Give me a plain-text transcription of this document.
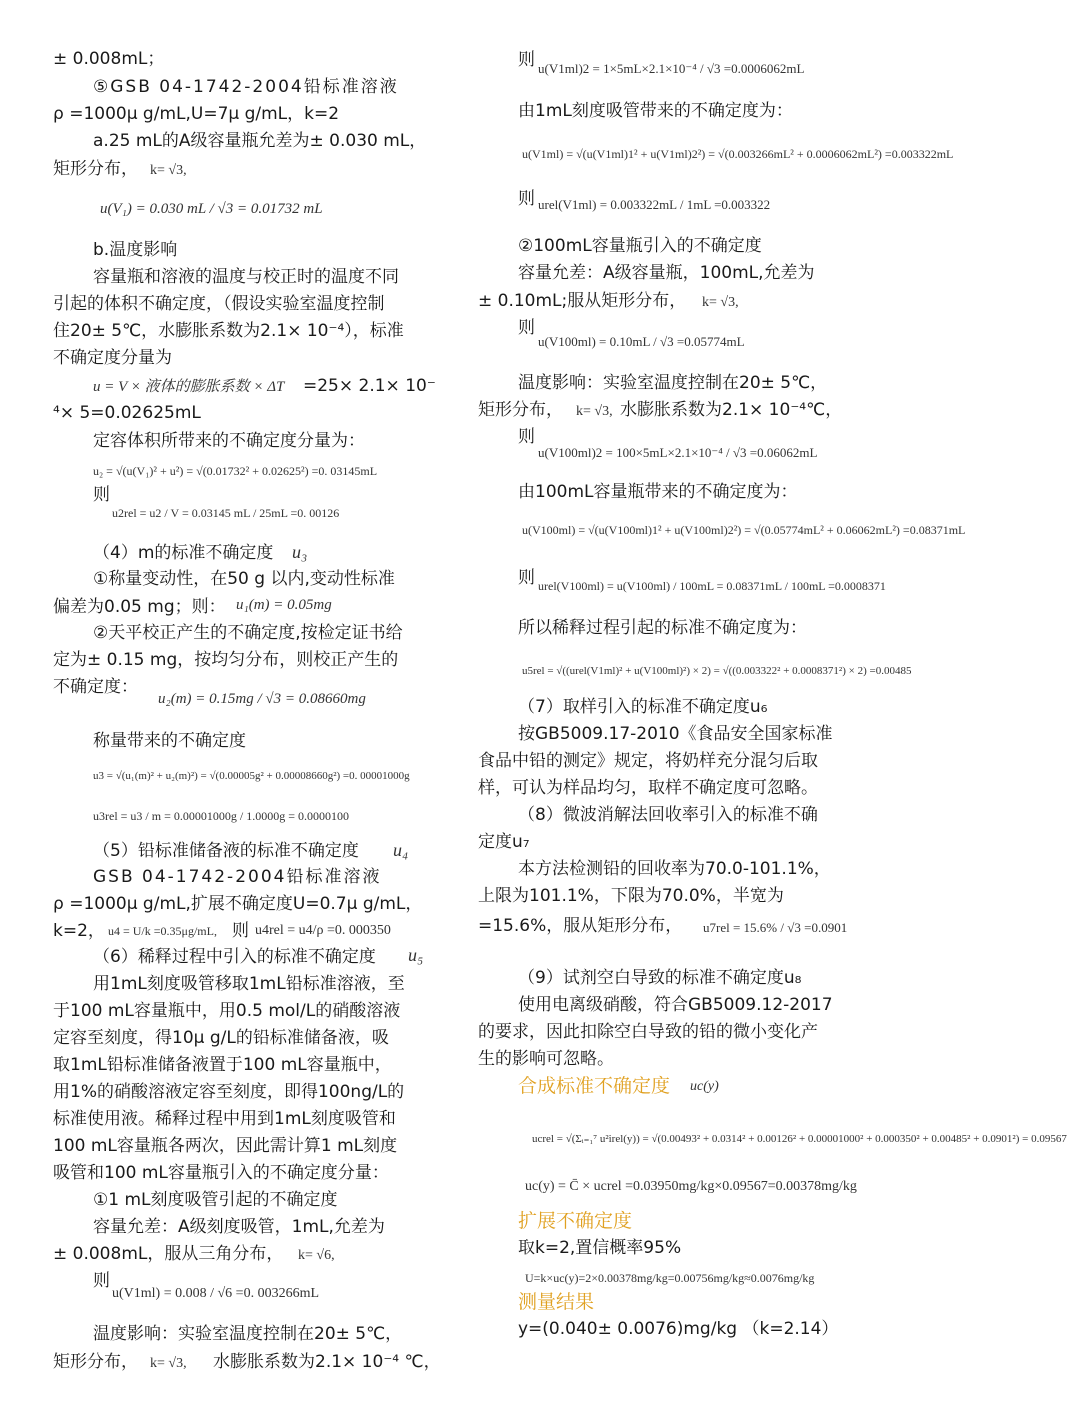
± 0.008mL；
⑤GSB 04-1742-2004铅标准溶液
ρ =1000μ g/mL,U=7μ g/mL，k=2
a.25 mL的A级容量瓶允差为± 0.030 mL，
矩形分布， k= √3,
u(V₁) = 0.030 mL / √3 = 0.01732 mL
b.温度影响
容量瓶和溶液的温度与校正时的温度不同
引起的体积不确定度，（假设实验室温度控制
住20± 5℃，水膨胀系数为2.1× 10⁻⁴），标准
不确定度分量为
u = V × 液体的膨胀系数 × ΔT =25× 2.1× 10⁻
⁴× 5=0.02625mL
定容体积所带来的不确定度分量为：
u₂ = √(u(V₁)² + u²) = √(0.01732² + 0.02625²) =0. 03145mL
则
u2rel = u2 / V = 0.03145 mL / 25mL =0. 00126
（4）m的标准不确定度 u₃
①称量变动性，在50 g 以内,变动性标准
偏差为0.05 mg；则： u₁(m) = 0.05mg
②天平校正产生的不确定度,按检定证书给
定为± 0.15 mg，按均匀分布，则校正产生的
不确定度：
u₂(m) = 0.15mg / √3 = 0.08660mg
称量带来的不确定度
u3 = √(u₁(m)² + u₂(m)²) = √(0.00005g² + 0.00008660g²) =0. 00001000g
u3rel = u3 / m = 0.00001000g / 1.0000g = 0.0000100
（5）铅标准储备液的标准不确定度 u₄
GSB 04-1742-2004铅标准溶液
ρ =1000μ g/mL,扩展不确定度U=0.7μ g/mL，
k=2， u4 = U/k =0.35μg/mL, 则 u4rel = u4/ρ =0. 000350
（6）稀释过程中引入的标准不确定度 u₅
用1mL刻度吸管移取1mL铅标准溶液，至
于100 mL容量瓶中，用0.5 mol/L的硝酸溶液
定容至刻度，得10μ g/L的铅标准储备液，吸
取1mL铅标准储备液置于100 mL容量瓶中，
用1%的硝酸溶液定容至刻度，即得100ng/L的
标准使用液。稀释过程中用到1mL刻度吸管和
100 mL容量瓶各两次，因此需计算1 mL刻度
吸管和100 mL容量瓶引入的不确定度分量：
①1 mL刻度吸管引起的不确定度
容量允差：A级刻度吸管，1mL,允差为
± 0.008mL，服从三角分布， k= √6,
则
u(V1ml) = 0.008 / √6 =0. 003266mL
温度影响：实验室温度控制在20± 5℃，
矩形分布， k= √3, 水膨胀系数为2.1× 10⁻⁴ ℃，
则 u(V1ml)2 = 1×5mL×2.1×10⁻⁴ / √3 =0.0006062mL
由1mL刻度吸管带来的不确定度为：
u(V1ml) = √(u(V1ml)1² + u(V1ml)2²) = √(0.003266mL² + 0.0006062mL²) =0.003322mL
则 urel(V1ml) = 0.003322mL / 1mL =0.003322
②100mL容量瓶引入的不确定度
容量允差：A级容量瓶，100mL,允差为
± 0.10mL;服从矩形分布， k= √3,
则
u(V100ml) = 0.10mL / √3 =0.05774mL
温度影响：实验室温度控制在20± 5℃，
矩形分布， k= √3, 水膨胀系数为2.1× 10⁻⁴℃，
则
u(V100ml)2 = 100×5mL×2.1×10⁻⁴ / √3 =0.06062mL
由100mL容量瓶带来的不确定度为：
u(V100ml) = √(u(V100ml)1² + u(V100ml)2²) = √(0.05774mL² + 0.06062mL²) =0.08371mL
则 urel(V100ml) = u(V100ml) / 100mL = 0.08371mL / 100mL =0.0008371
所以稀释过程引起的标准不确定度为：
u5rel = √((urel(V1ml)² + u(V100ml)²) × 2) = √((0.003322² + 0.0008371²) × 2) =0.00485
（7）取样引入的标准不确定度u₆
按GB5009.17-2010《食品安全国家标准
食品中铅的测定》规定，将奶样充分混匀后取
样，可认为样品均匀，取样不确定度可忽略。
（8）微波消解法回收率引入的标准不确
定度u₇
本方法检测铅的回收率为70.0-101.1%，
上限为101.1%，下限为70.0%，半宽为
=15.6%，服从矩形分布， u7rel = 15.6% / √3 =0.0901
（9）试剂空白导致的标准不确定度u₈
使用电离级硝酸，符合GB5009.12-2017
的要求，因此扣除空白导致的铅的微小变化产
生的影响可忽略。
合成标准不确定度 uc(y)
ucrel = √(Σᵢ₌₁⁷ u²irel(y)) = √(0.00493² + 0.0314² + 0.00126² + 0.00001000² + 0.000350² + 0.00485² + 0.0901²) = 0.09567
uc(y) = C̄ × ucrel =0.03950mg/kg×0.09567=0.00378mg/kg
扩展不确定度
取k=2,置信概率95%
U=k×uc(y)=2×0.00378mg/kg=0.00756mg/kg≈0.0076mg/kg
测量结果
y=(0.040± 0.0076)mg/kg （k=2.14）
